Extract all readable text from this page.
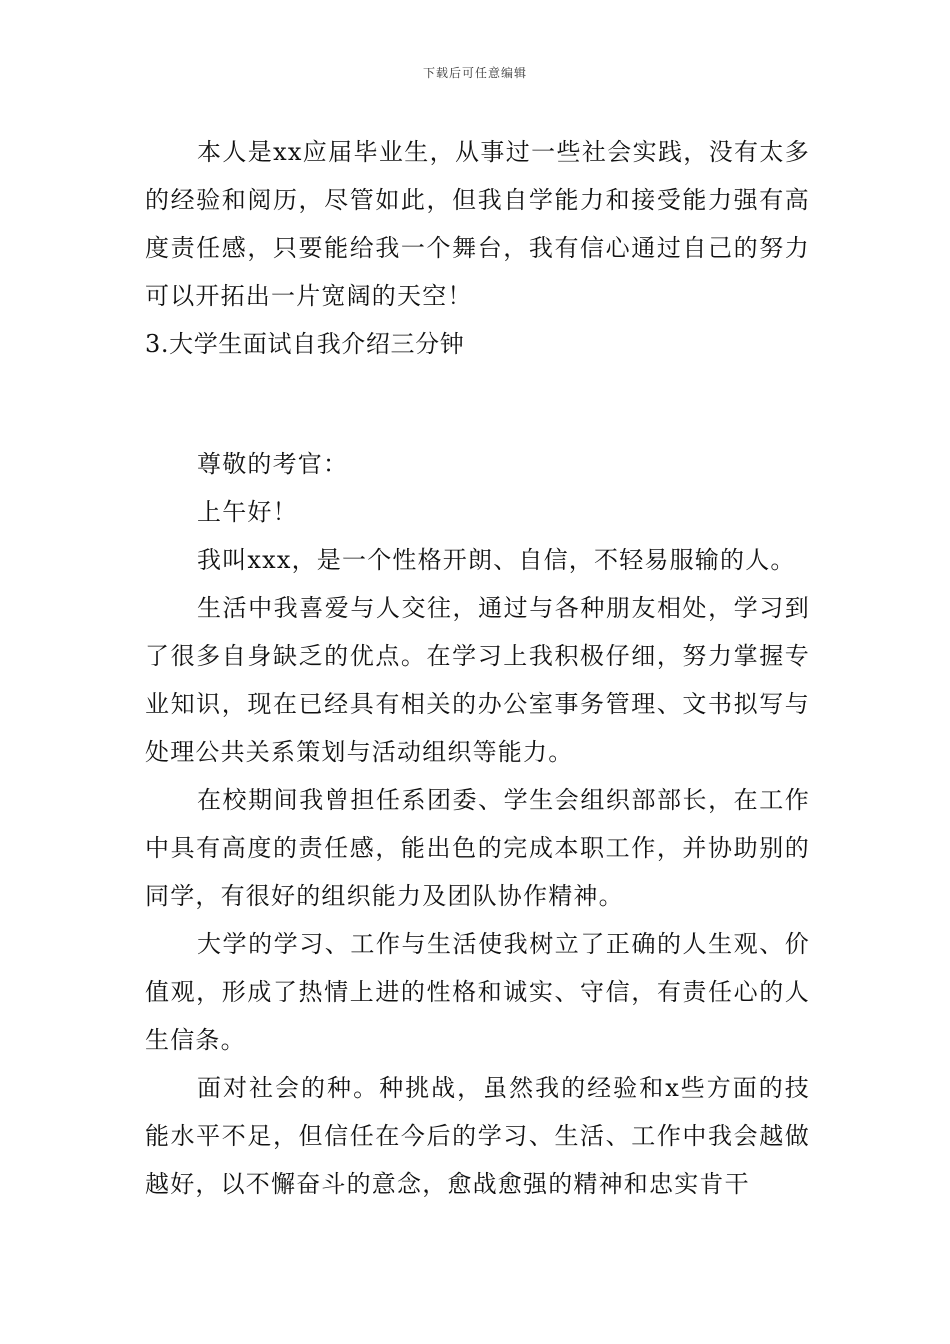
下载后可任意编辑

本人是xx应届毕业生，从事过一些社会实践，没有太多的经验和阅历，尽管如此，但我自学能力和接受能力强有高度责任感，只要能给我一个舞台，我有信心通过自己的努力可以开拓出一片宽阔的天空！

3.大学生面试自我介绍三分钟

尊敬的考官：

上午好！

我叫xxx，是一个性格开朗、自信，不轻易服输的人。

生活中我喜爱与人交往，通过与各种朋友相处，学习到了很多自身缺乏的优点。在学习上我积极仔细，努力掌握专业知识，现在已经具有相关的办公室事务管理、文书拟写与处理公共关系策划与活动组织等能力。

在校期间我曾担任系团委、学生会组织部部长，在工作中具有高度的责任感，能出色的完成本职工作，并协助别的同学，有很好的组织能力及团队协作精神。

大学的学习、工作与生活使我树立了正确的人生观、价值观，形成了热情上进的性格和诚实、守信，有责任心的人生信条。

面对社会的种。种挑战，虽然我的经验和x些方面的技能水平不足，但信任在今后的学习、生活、工作中我会越做越好，以不懈奋斗的意念，愈战愈强的精神和忠实肯干
